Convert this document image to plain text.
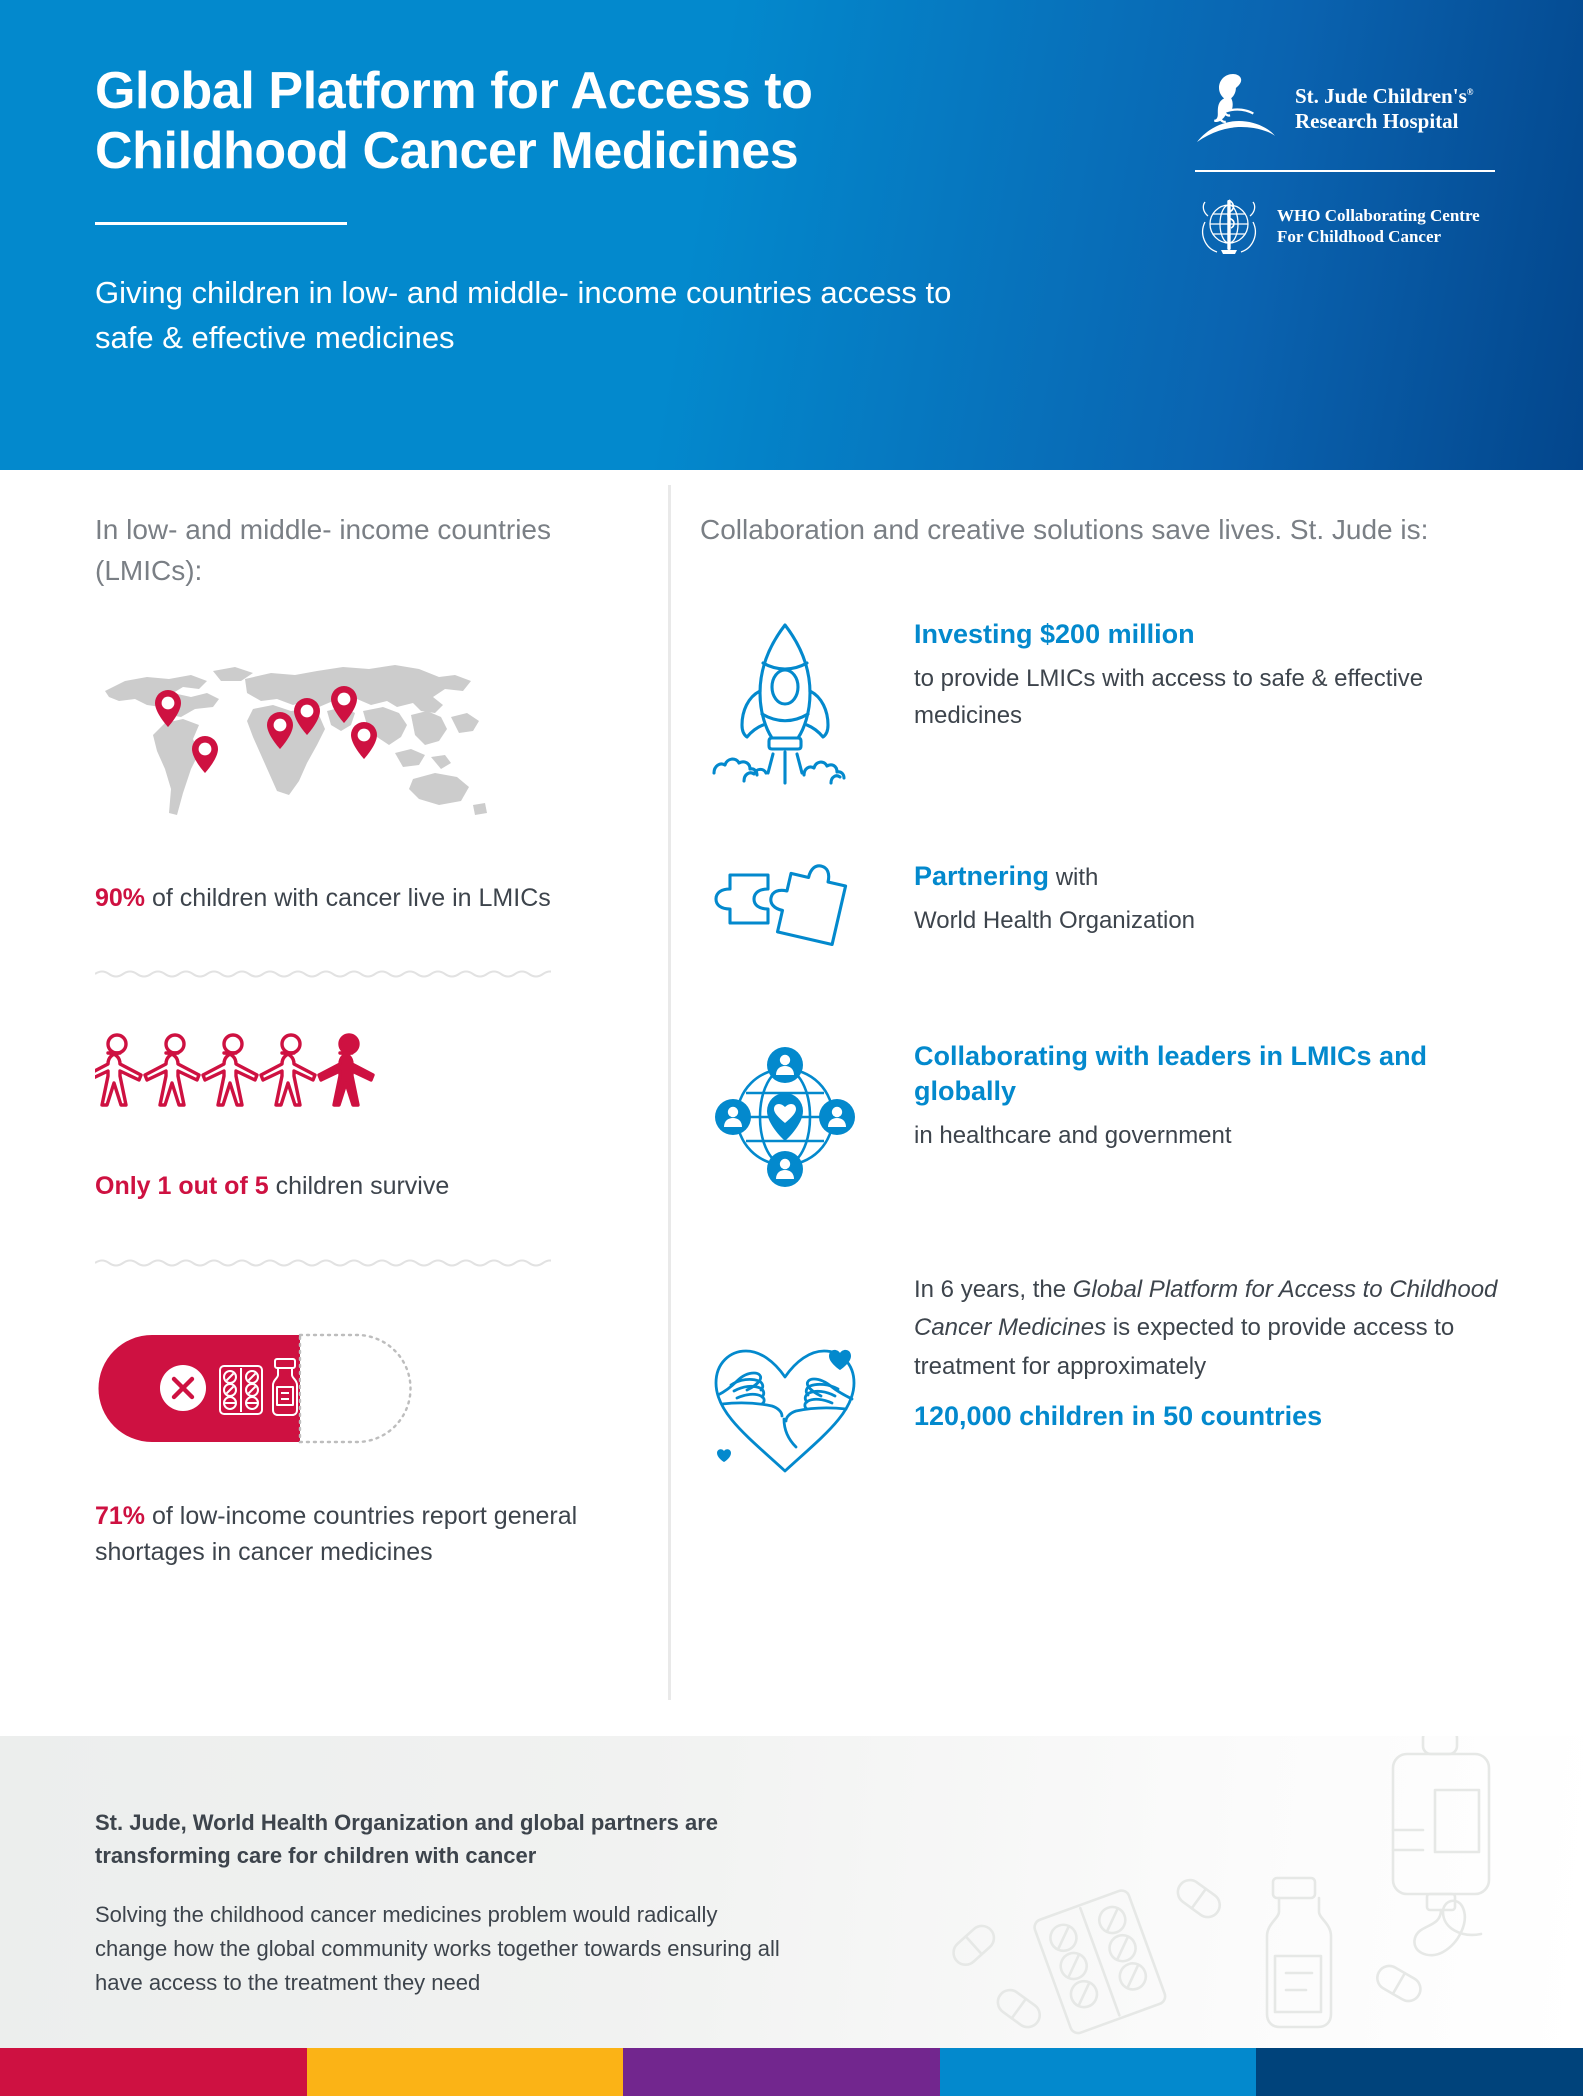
Global Platform for Access to Childhood Cancer Medicines
Giving children in low- and middle- income countries access to safe & effective medicines
St. Jude Children's®
Research Hospital
WHO Collaborating Centre
For Childhood Cancer
In low- and middle- income countries (LMICs):
90% of children with cancer live in LMICs
Only 1 out of 5 children survive
71% of low-income countries report general shortages in cancer medicines
Collaboration and creative solutions save lives. St. Jude is:
Investing $200 million
to provide LMICs with access to safe & effective medicines
Partnering with
World Health Organization
Collaborating with leaders in LMICs and globally
in healthcare and government
In 6 years, the Global Platform for Access to Childhood Cancer Medicines is expected to provide access to treatment for approximately
120,000 children in 50 countries
St. Jude, World Health Organization and global partners are transforming care for children with cancer
Solving the childhood cancer medicines problem would radically change how the global community works together towards ensuring all have access to the treatment they need
